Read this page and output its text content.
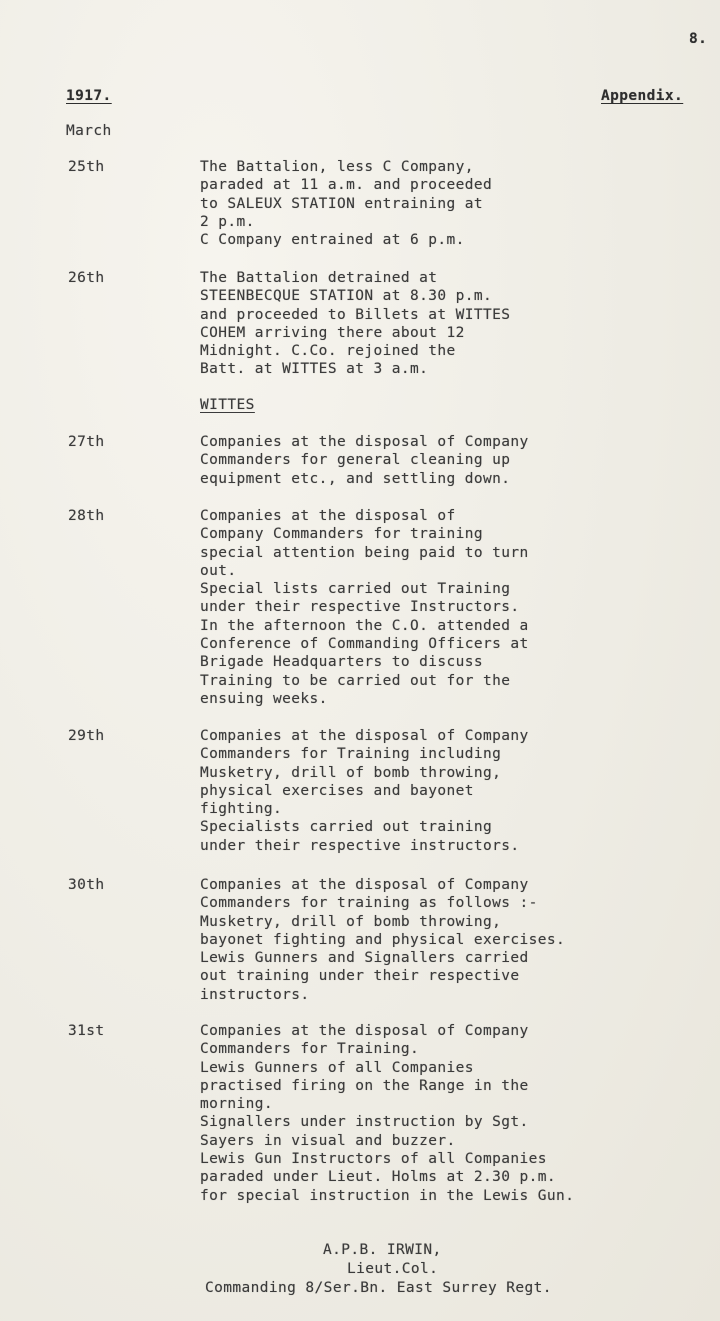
8.
1917.	Appendix.
March
25th	The Battalion, less C Company,
paraded at 11 a.m. and proceeded
to SALEUX STATION entraining at
2 p.m.
C Company entrained at 6 p.m.
26th	The Battalion detrained at
STEENBECQUE STATION at 8.30 p.m.
and proceeded to Billets at WITTES
COHEM arriving there about 12
Midnight. C.Co. rejoined the
Batt. at WITTES at 3 a.m.
WITTES
27th	Companies at the disposal of Company
Commanders for general cleaning up
equipment etc., and settling down.
28th	Companies at the disposal of
Company Commanders for training
special attention being paid to turn
out.
Special lists carried out Training
under their respective Instructors.
In the afternoon the C.O. attended a
Conference of Commanding Officers at
Brigade Headquarters to discuss
Training to be carried out for the
ensuing weeks.
29th	Companies at the disposal of Company
Commanders for Training including
Musketry, drill of bomb throwing,
physical exercises and bayonet
fighting.
Specialists carried out training
under their respective instructors.
30th	Companies at the disposal of Company
Commanders for training as follows :-
Musketry, drill of bomb throwing,
bayonet fighting and physical exercises.
Lewis Gunners and Signallers carried
out training under their respective
instructors.
31st	Companies at the disposal of Company
Commanders for Training.
Lewis Gunners of all Companies
practised firing on the Range in the
morning.
Signallers under instruction by Sgt.
Sayers in visual and buzzer.
Lewis Gun Instructors of all Companies
paraded under Lieut. Holms at 2.30 p.m.
for special instruction in the Lewis Gun.
A.P.B. IRWIN,
Lieut.Col.
Commanding 8/Ser.Bn. East Surrey Regt.
